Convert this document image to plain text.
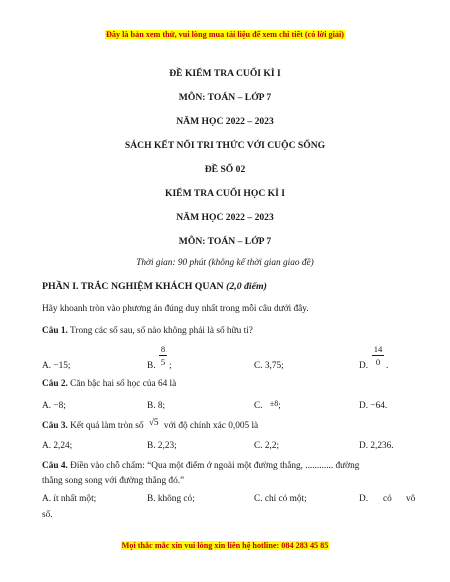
Đây là bản xem thử, vui lòng mua tài liệu để xem chi tiết (có lời giải)
ĐỀ KIỂM TRA CUỐI KÌ I
MÔN: TOÁN – LỚP 7
NĂM HỌC 2022 – 2023
SÁCH KẾT NỐI TRI THỨC VỚI CUỘC SỐNG
ĐỀ SỐ 02
KIỂM TRA CUỐI HỌC KÌ I
NĂM HỌC 2022 – 2023
MÔN: TOÁN – LỚP 7
Thời gian: 90 phút (không kể thời gian giao đề)
PHẦN I. TRẮC NGHIỆM KHÁCH QUAN (2,0 điểm)
Hãy khoanh tròn vào phương án đúng duy nhất trong mỗi câu dưới đây.
Câu 1. Trong các số sau, số nào không phải là số hữu tỉ?
A. −15;	B.
8
5 ;	C. 3,75;	D.
14
0 .
Câu 2. Căn bậc hai số học của 64 là
A. −8;	B. 8;	C. ±8;	D. −64.
Câu 3. Kết quả làm tròn số √5 với độ chính xác 0,005 là
A. 2,24;	B. 2,23;	C. 2,2;	D. 2,236.
Câu 4. Điền vào chỗ chấm: “Qua một điểm ở ngoài một đường thẳng, ............ đường
thẳng song song với đường thẳng đó.”
A. ít nhất một;	B. không có;	C. chỉ có một;	D. có vô
số.
Mọi thắc mắc xin vui lòng xin liên hệ hotline: 084 283 45 85
